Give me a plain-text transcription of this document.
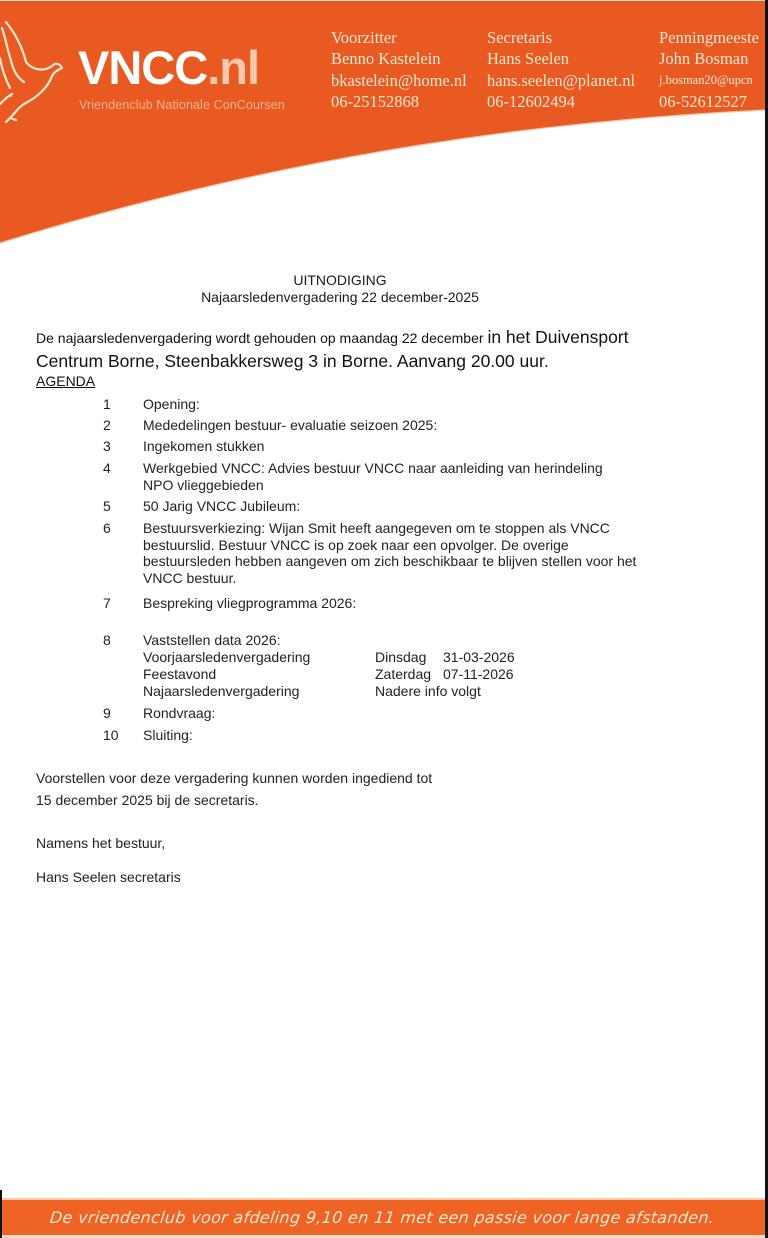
VNCC.nl
Vriendenclub Nationale ConCoursen
Voorzitter
Benno Kastelein
bkastelein@home.nl
06-25152868
Secretaris
Hans Seelen
hans.seelen@planet.nl
06-12602494
Penningmeeste
John Bosman
j.bosman20@upcn
06-52612527
UITNODIGING
Najaarsledenvergadering 22 december-2025
De najaarsledenvergadering wordt gehouden op maandag 22 december in het Duivensport Centrum Borne, Steenbakkersweg 3 in Borne. Aanvang 20.00 uur.
AGENDA
1 Opening:
2 Mededelingen bestuur- evaluatie seizoen 2025:
3 Ingekomen stukken
4 Werkgebied VNCC: Advies bestuur VNCC naar aanleiding van herindeling NPO vlieggebieden
5 50 Jarig VNCC Jubileum:
6 Bestuursverkiezing: Wijan Smit heeft aangegeven om te stoppen als VNCC bestuurslid. Bestuur VNCC is op zoek naar een opvolger. De overige bestuursleden hebben aangeven om zich beschikbaar te blijven stellen voor het VNCC bestuur.
7 Bespreking vliegprogramma 2026:
8 Vaststellen data 2026:
Voorjaarsledenvergadering	Dinsdag 31-03-2026
Feestavond	Zaterdag 07-11-2026
Najaarsledenvergadering	Nadere info volgt
9 Rondvraag:
10 Sluiting:
Voorstellen voor deze vergadering kunnen worden ingediend tot
15 december 2025 bij de secretaris.
Namens het bestuur,
Hans Seelen secretaris
De vriendenclub voor afdeling 9,10 en 11 met een passie voor lange afstanden.
